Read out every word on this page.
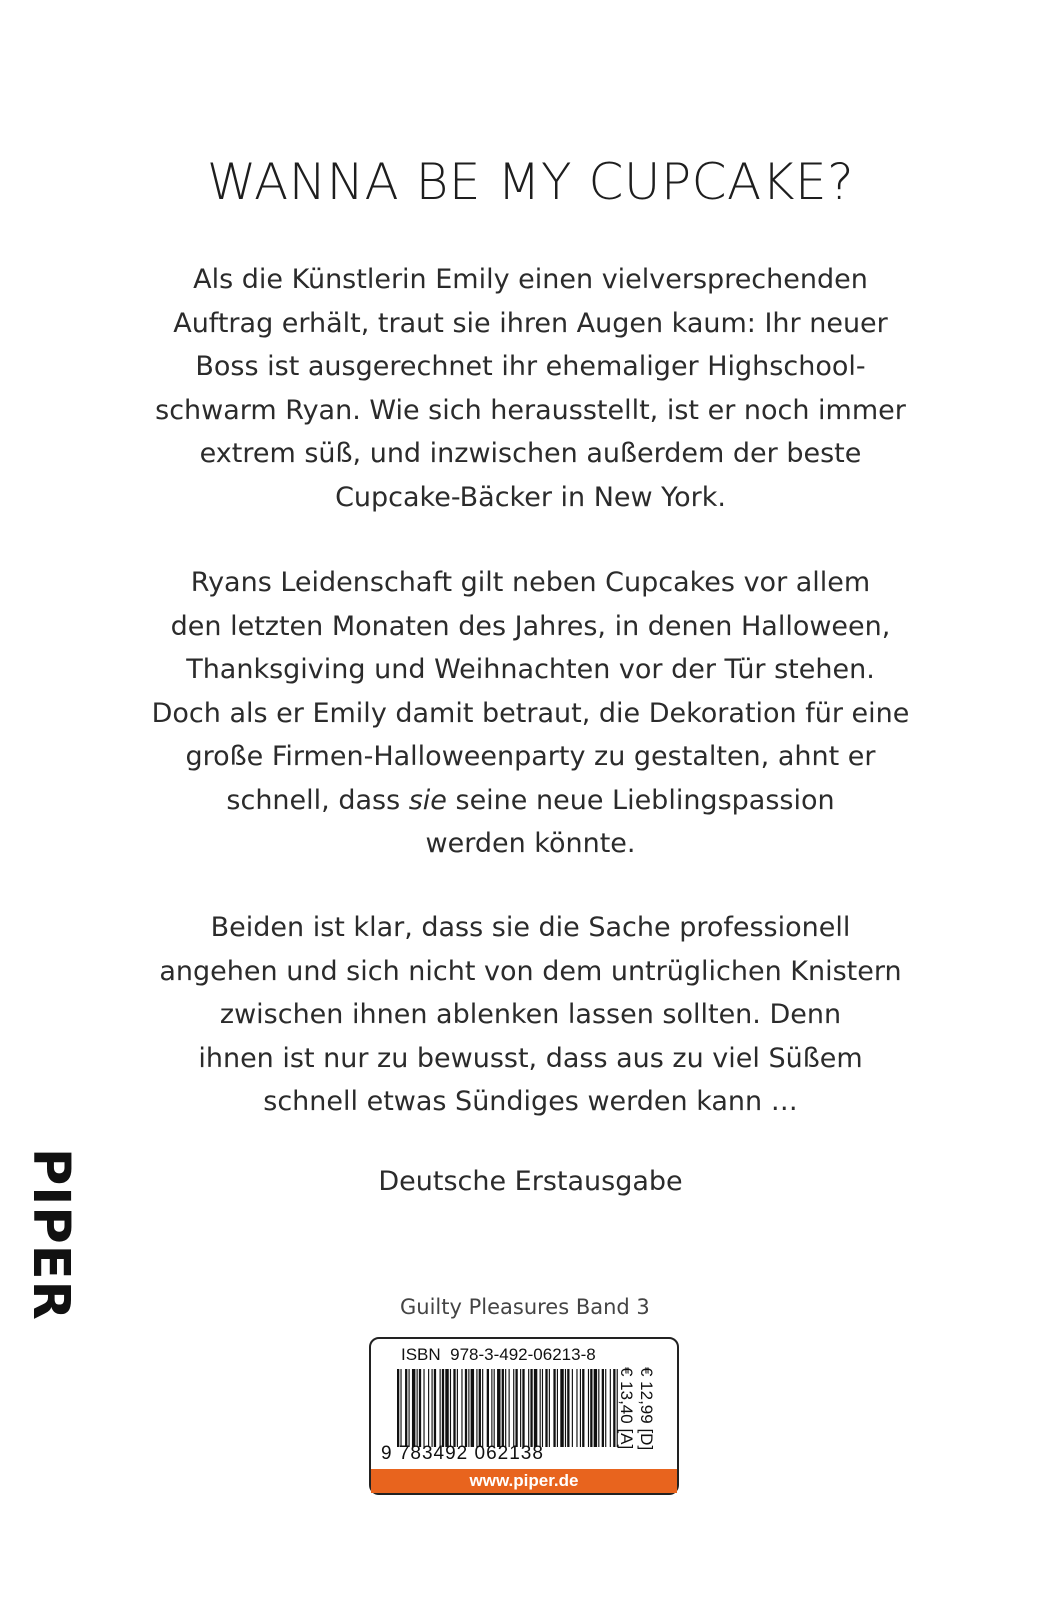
WANNA BE MY CUPCAKE?
Als die Künstlerin Emily einen vielversprechenden
Auftrag erhält, traut sie ihren Augen kaum: Ihr neuer
Boss ist ausgerechnet ihr ehemaliger Highschool-
schwarm Ryan. Wie sich herausstellt, ist er noch immer
extrem süß, und inzwischen außerdem der beste
Cupcake-Bäcker in New York.
Ryans Leidenschaft gilt neben Cupcakes vor allem
den letzten Monaten des Jahres, in denen Halloween,
Thanksgiving und Weihnachten vor der Tür stehen.
Doch als er Emily damit betraut, die Dekoration für eine
große Firmen-Halloweenparty zu gestalten, ahnt er
schnell, dass sie seine neue Lieblingspassion
werden könnte.
Beiden ist klar, dass sie die Sache professionell
angehen und sich nicht von dem untrüglichen Knistern
zwischen ihnen ablenken lassen sollten. Denn
ihnen ist nur zu bewusst, dass aus zu viel Süßem
schnell etwas Sündiges werden kann …
Deutsche Erstausgabe
PIPER	Guilty Pleasures Band 3
ISBN  978-3-492-06213-8
9 783492 062138
€ 12,99 [D]
€ 13,40 [A]
www.piper.de
